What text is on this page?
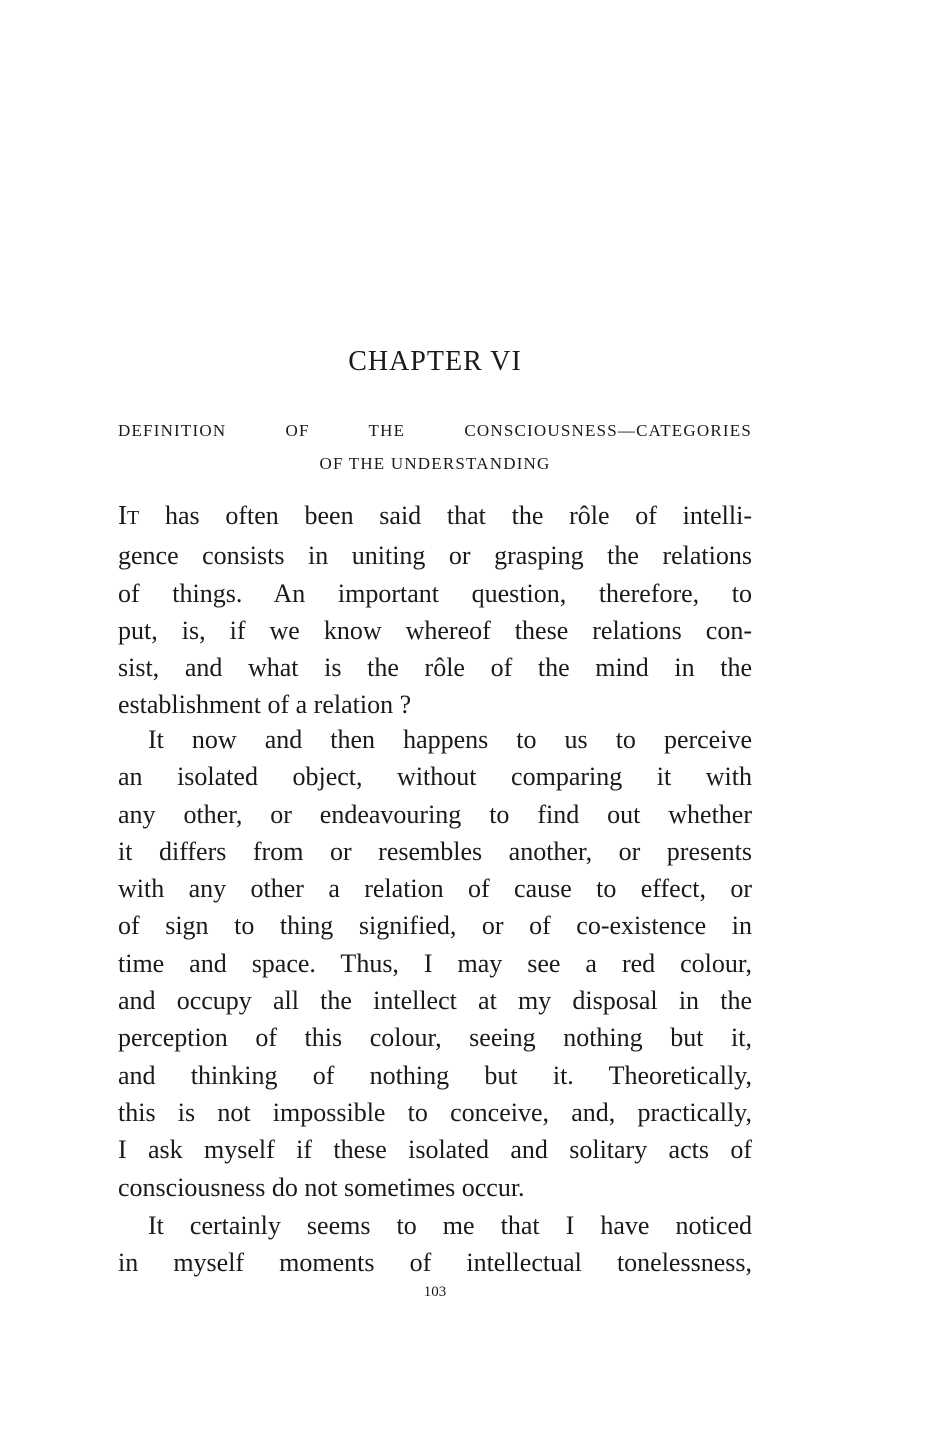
CHAPTER VI
DEFINITION OF THE CONSCIOUSNESS—CATEGORIES
OF THE UNDERSTANDING
IT has often been said that the rôle of intelli-
gence consists in uniting or grasping the relations
of things. An important question, therefore, to
put, is, if we know whereof these relations con-
sist, and what is the rôle of the mind in the
establishment of a relation ?
It now and then happens to us to perceive
an isolated object, without comparing it with
any other, or endeavouring to find out whether
it differs from or resembles another, or presents
with any other a relation of cause to effect, or
of sign to thing signified, or of co-existence in
time and space. Thus, I may see a red colour,
and occupy all the intellect at my disposal in the
perception of this colour, seeing nothing but it,
and thinking of nothing but it. Theoretically,
this is not impossible to conceive, and, practically,
I ask myself if these isolated and solitary acts of
consciousness do not sometimes occur.
It certainly seems to me that I have noticed
in myself moments of intellectual tonelessness,

103
